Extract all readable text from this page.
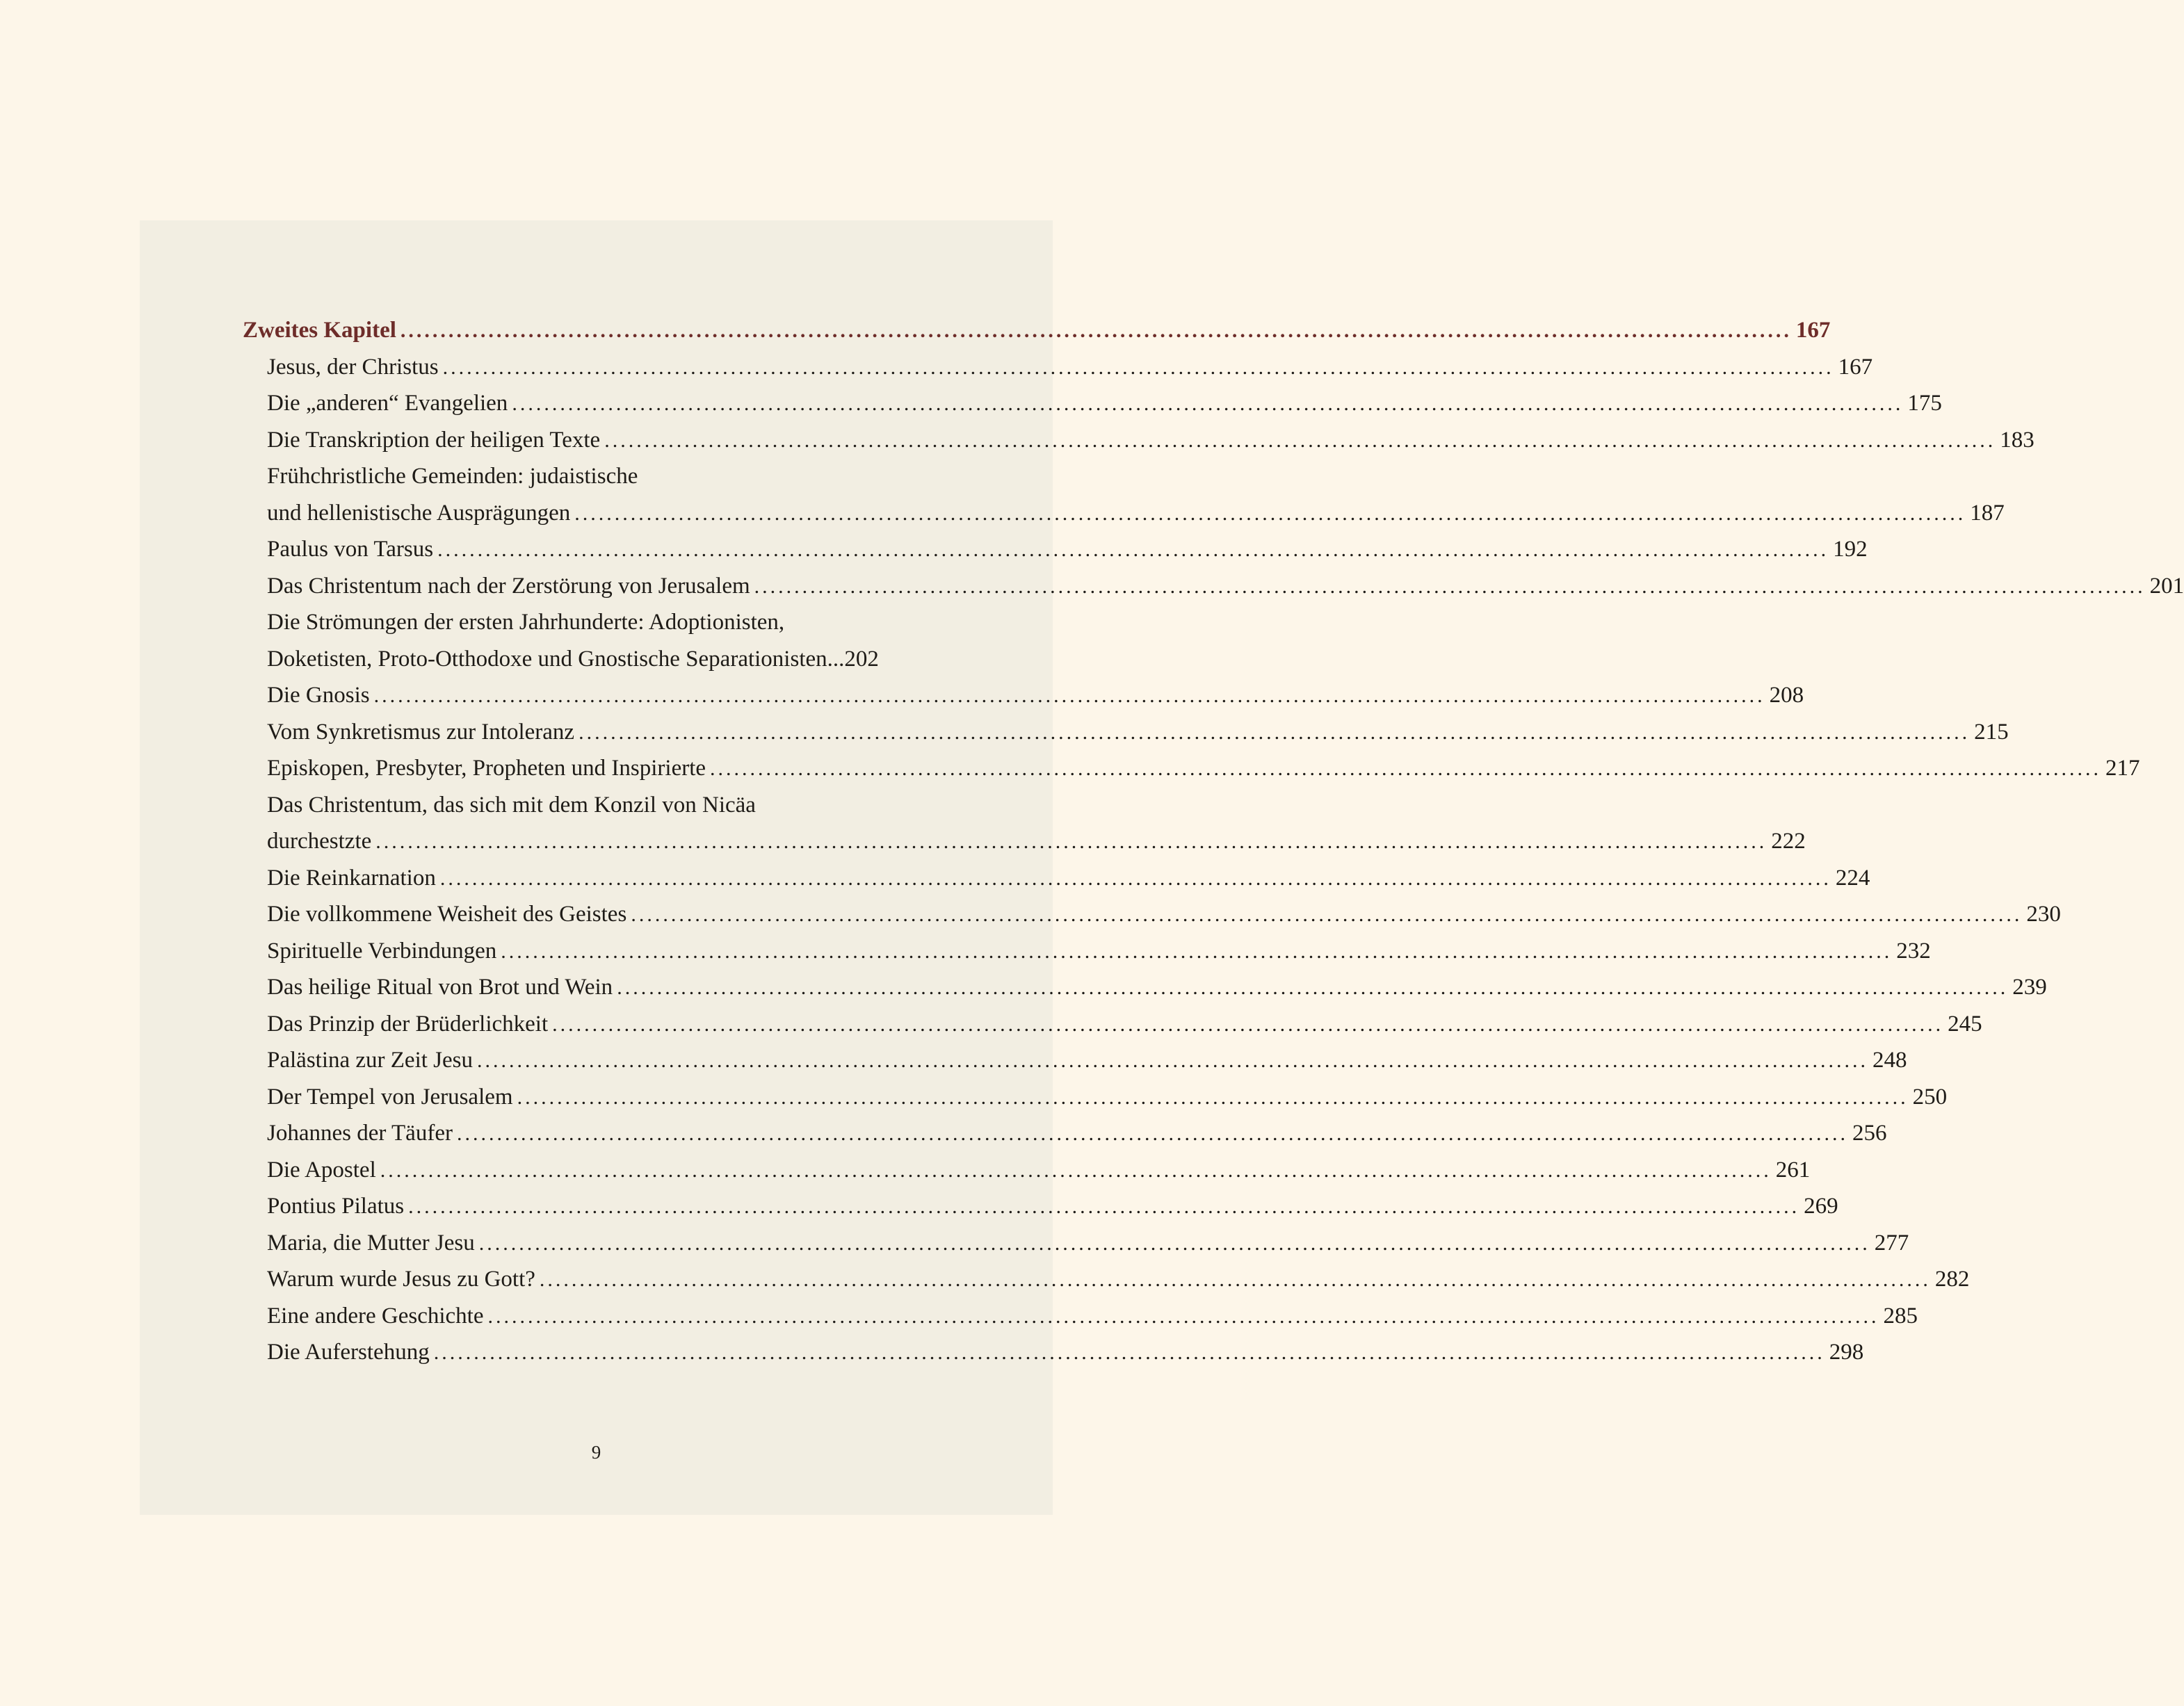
Zweites Kapitel .....	167
Jesus, der Christus .....	167
Die „anderen“ Evangelien .....	175
Die Transkription der heiligen Texte .....	183
Frühchristliche Gemeinden: judaistische
und hellenistische Ausprägungen .....	187
Paulus von Tarsus .....	192
Das Christentum nach der Zerstörung von Jerusalem .....	201
Die Strömungen der ersten Jahrhunderte: Adoptionisten,
Doketisten, Proto-Otthodoxe und Gnostische Separationisten...202
Die Gnosis .....	208
Vom Synkretismus zur Intoleranz .....	215
Episkopen, Presbyter, Propheten und Inspirierte .....	217
Das Christentum, das sich mit dem Konzil von Nicäa
durchestzte .....	222
Die Reinkarnation .....	224
Die vollkommene Weisheit des Geistes .....	230
Spirituelle Verbindungen .....	232
Das heilige Ritual von Brot und Wein .....	239
Das Prinzip der Brüderlichkeit .....	245
Palästina zur Zeit Jesu .....	248
Der Tempel von Jerusalem .....	250
Johannes der Täufer .....	256
Die Apostel .....	261
Pontius Pilatus .....	269
Maria, die Mutter Jesu .....	277
Warum wurde Jesus zu Gott? .....	282
Eine andere Geschichte .....	285
Die Auferstehung .....	298
9
